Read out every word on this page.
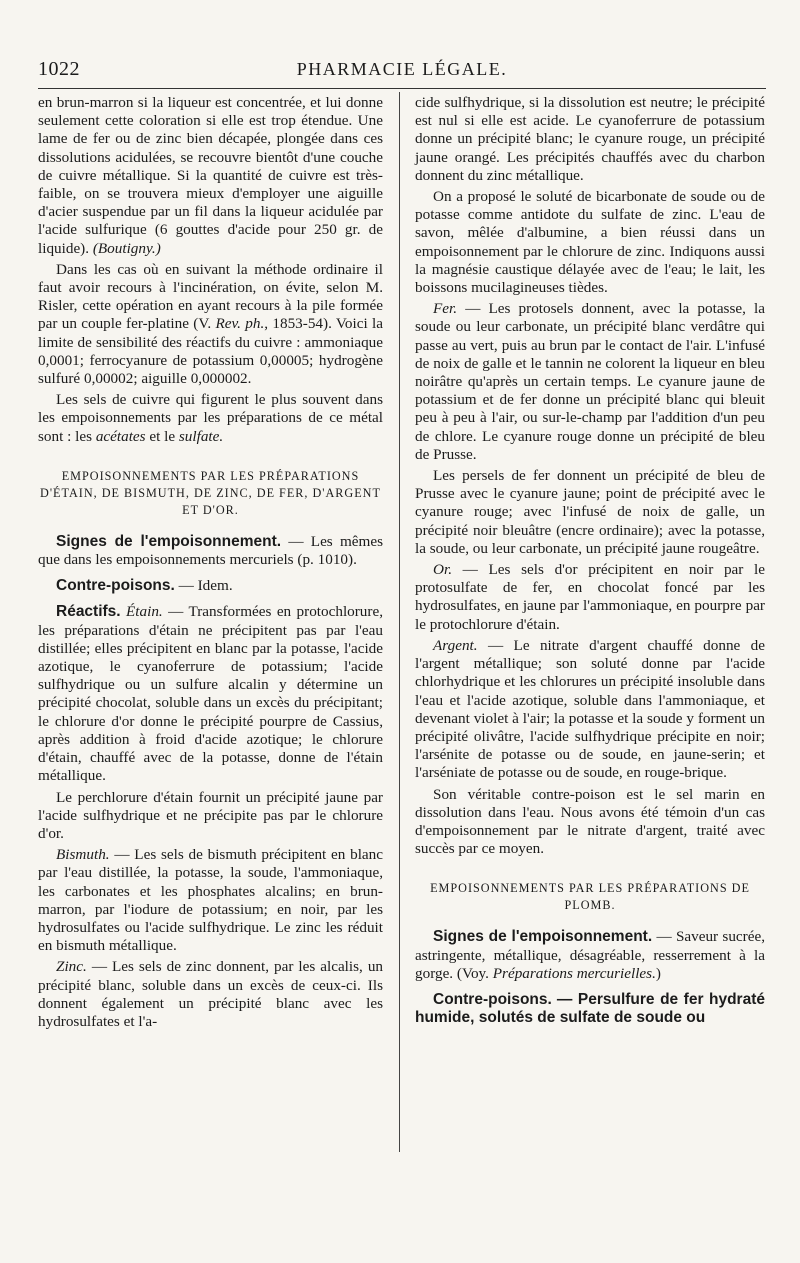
1022	PHARMACIE LÉGALE.

en brun-marron si la liqueur est concentrée, et lui donne seulement cette coloration si elle est trop étendue. Une lame de fer ou de zinc bien décapée, plongée dans ces dissolutions acidulées, se recouvre bientôt d'une couche de cuivre métallique. Si la quantité de cuivre est très-faible, on se trouvera mieux d'employer une aiguille d'acier suspendue par un fil dans la liqueur acidulée par l'acide sulfurique (6 gouttes d'acide pour 250 gr. de liquide). (Boutigny.)

Dans les cas où en suivant la méthode ordinaire il faut avoir recours à l'incinération, on évite, selon M. Risler, cette opération en ayant recours à la pile formée par un couple fer-platine (V. Rev. ph., 1853-54). Voici la limite de sensibilité des réactifs du cuivre : ammoniaque 0,0001; ferrocyanure de potassium 0,00005; hydrogène sulfuré 0,00002; aiguille 0,000002.

Les sels de cuivre qui figurent le plus souvent dans les empoisonnements par les préparations de ce métal sont : les acétates et le sulfate.

EMPOISONNEMENTS PAR LES PRÉPARATIONS D'ÉTAIN, DE BISMUTH, DE ZINC, DE FER, D'ARGENT ET D'OR.

Signes de l'empoisonnement. — Les mêmes que dans les empoisonnements mercuriels (p. 1010).

Contre-poisons. — Idem.

Réactifs. Étain. — Transformées en protochlorure, les préparations d'étain ne précipitent pas par l'eau distillée; elles précipitent en blanc par la potasse, l'acide azotique, le cyanoferrure de potassium; l'acide sulfhydrique ou un sulfure alcalin y détermine un précipité chocolat, soluble dans un excès du précipitant; le chlorure d'or donne le précipité pourpre de Cassius, après addition à froid d'acide azotique; le chlorure d'étain, chauffé avec de la potasse, donne de l'étain métallique.

Le perchlorure d'étain fournit un précipité jaune par l'acide sulfhydrique et ne précipite pas par le chlorure d'or.

Bismuth. — Les sels de bismuth précipitent en blanc par l'eau distillée, la potasse, la soude, l'ammoniaque, les carbonates et les phosphates alcalins; en brun-marron, par l'iodure de potassium; en noir, par les hydrosulfates ou l'acide sulfhydrique. Le zinc les réduit en bismuth métallique.

Zinc. — Les sels de zinc donnent, par les alcalis, un précipité blanc, soluble dans un excès de ceux-ci. Ils donnent également un précipité blanc avec les hydrosulfates et l'a-

cide sulfhydrique, si la dissolution est neutre; le précipité est nul si elle est acide. Le cyanoferrure de potassium donne un précipité blanc; le cyanure rouge, un précipité jaune orangé. Les précipités chauffés avec du charbon donnent du zinc métallique.

On a proposé le soluté de bicarbonate de soude ou de potasse comme antidote du sulfate de zinc. L'eau de savon, mêlée d'albumine, a bien réussi dans un empoisonnement par le chlorure de zinc. Indiquons aussi la magnésie caustique délayée avec de l'eau; le lait, les boissons mucilagineuses tièdes.

Fer. — Les protosels donnent, avec la potasse, la soude ou leur carbonate, un précipité blanc verdâtre qui passe au vert, puis au brun par le contact de l'air. L'infusé de noix de galle et le tannin ne colorent la liqueur en bleu noirâtre qu'après un certain temps. Le cyanure jaune de potassium et de fer donne un précipité blanc qui bleuit peu à peu à l'air, ou sur-le-champ par l'addition d'un peu de chlore. Le cyanure rouge donne un précipité de bleu de Prusse.

Les persels de fer donnent un précipité de bleu de Prusse avec le cyanure jaune; point de précipité avec le cyanure rouge; avec l'infusé de noix de galle, un précipité noir bleuâtre (encre ordinaire); avec la potasse, la soude, ou leur carbonate, un précipité jaune rougeâtre.

Or. — Les sels d'or précipitent en noir par le protosulfate de fer, en chocolat foncé par les hydrosulfates, en jaune par l'ammoniaque, en pourpre par le protochlorure d'étain.

Argent. — Le nitrate d'argent chauffé donne de l'argent métallique; son soluté donne par l'acide chlorhydrique et les chlorures un précipité insoluble dans l'eau et l'acide azotique, soluble dans l'ammoniaque, et devenant violet à l'air; la potasse et la soude y forment un précipité olivâtre, l'acide sulfhydrique précipite en noir; l'arsénite de potasse ou de soude, en jaune-serin; et l'arséniate de potasse ou de soude, en rouge-brique.

Son véritable contre-poison est le sel marin en dissolution dans l'eau. Nous avons été témoin d'un cas d'empoisonnement par le nitrate d'argent, traité avec succès par ce moyen.

EMPOISONNEMENTS PAR LES PRÉPARATIONS DE PLOMB.

Signes de l'empoisonnement. — Saveur sucrée, astringente, métallique, désagréable, resserrement à la gorge. (Voy. Préparations mercurielles.)

Contre-poisons. — Persulfure de fer hydraté humide, solutés de sulfate de soude ou
